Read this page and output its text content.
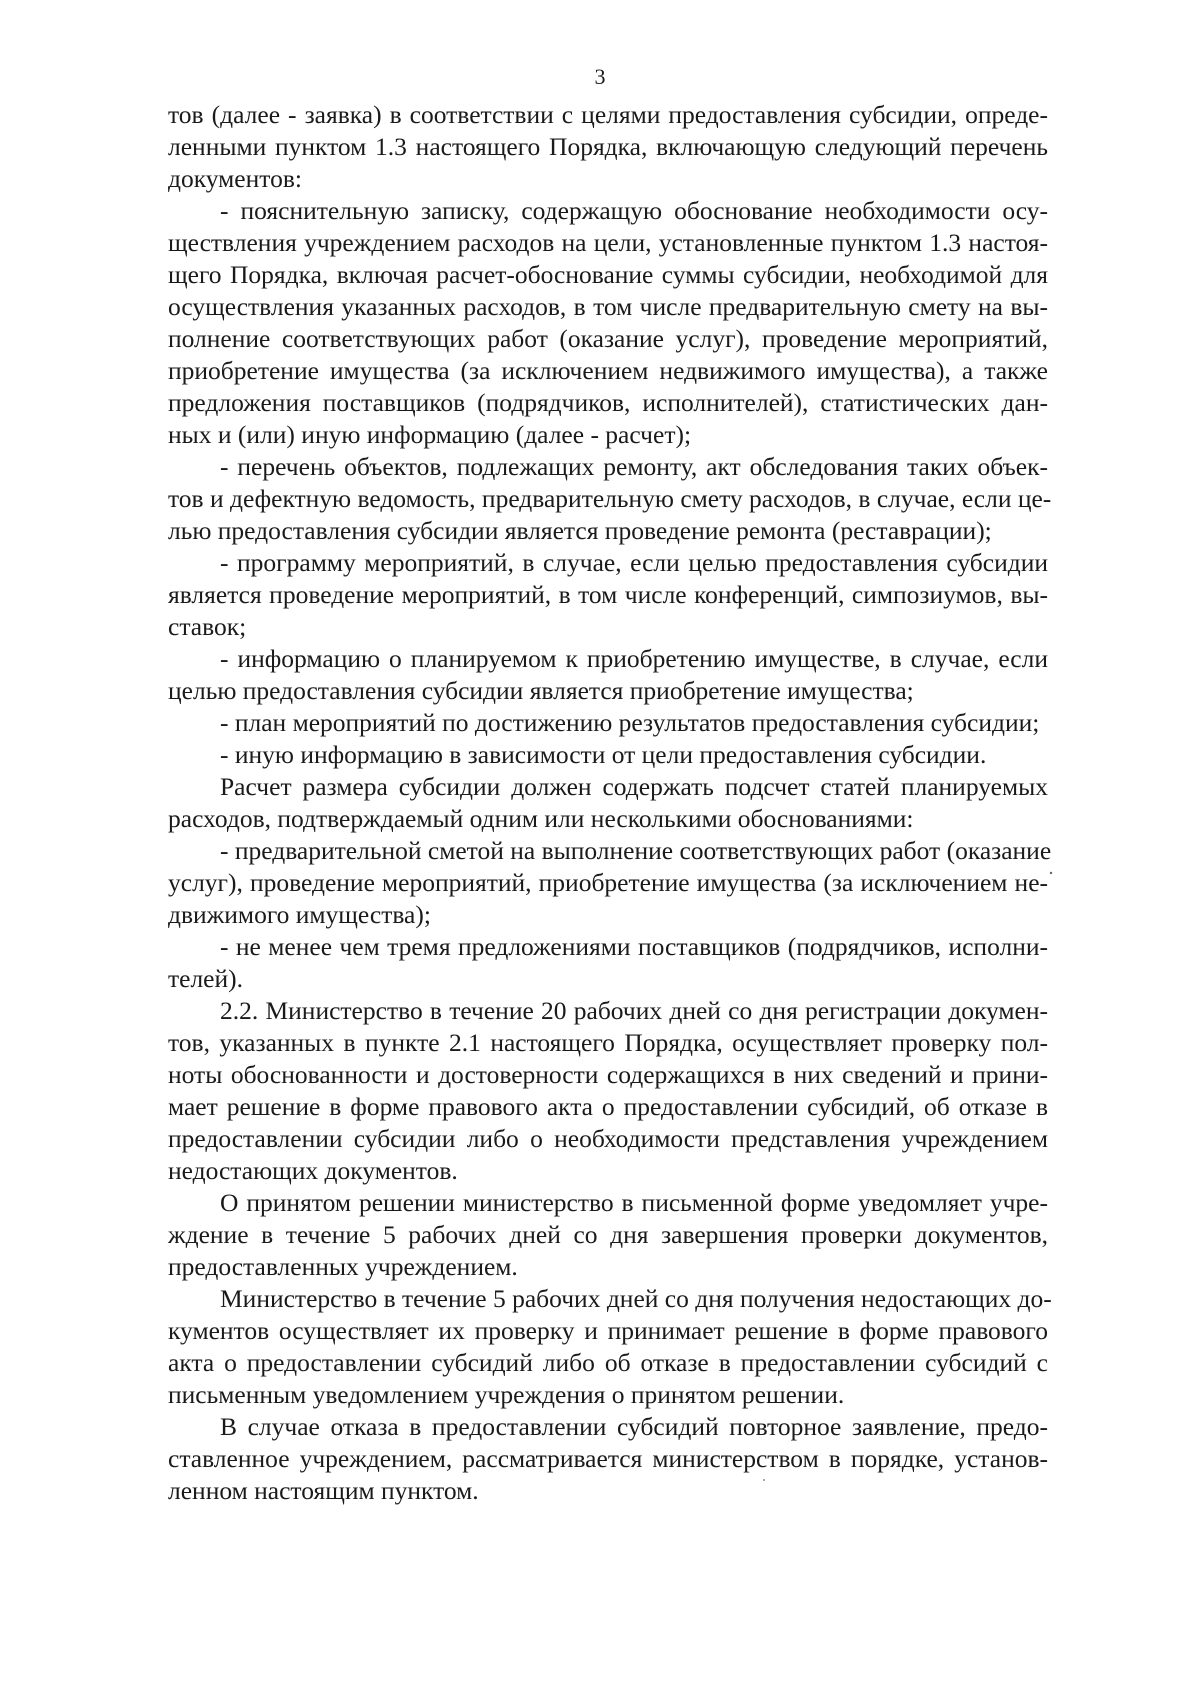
3
тов (далее - заявка) в соответствии с целями предоставления субсидии, опреде-
ленными пунктом 1.3 настоящего Порядка, включающую следующий перечень
документов:
- пояснительную записку, содержащую обоснование необходимости осу-
ществления учреждением расходов на цели, установленные пунктом 1.3 настоя-
щего Порядка, включая расчет-обоснование суммы субсидии, необходимой для
осуществления указанных расходов, в том числе предварительную смету на вы-
полнение соответствующих работ (оказание услуг), проведение мероприятий,
приобретение имущества (за исключением недвижимого имущества), а также
предложения поставщиков (подрядчиков, исполнителей), статистических дан-
ных и (или) иную информацию (далее - расчет);
- перечень объектов, подлежащих ремонту, акт обследования таких объек-
тов и дефектную ведомость, предварительную смету расходов, в случае, если це-
лью предоставления субсидии является проведение ремонта (реставрации);
- программу мероприятий, в случае, если целью предоставления субсидии
является проведение мероприятий, в том числе конференций, симпозиумов, вы-
ставок;
- информацию о планируемом к приобретению имуществе, в случае, если
целью предоставления субсидии является приобретение имущества;
- план мероприятий по достижению результатов предоставления субсидии;
- иную информацию в зависимости от цели предоставления субсидии.
Расчет размера субсидии должен содержать подсчет статей планируемых
расходов, подтверждаемый одним или несколькими обоснованиями:
- предварительной сметой на выполнение соответствующих работ (оказание
услуг), проведение мероприятий, приобретение имущества (за исключением не-
движимого имущества);
- не менее чем тремя предложениями поставщиков (подрядчиков, исполни-
телей).
2.2. Министерство в течение 20 рабочих дней со дня регистрации докумен-
тов, указанных в пункте 2.1 настоящего Порядка, осуществляет проверку пол-
ноты обоснованности и достоверности содержащихся в них сведений и прини-
мает решение в форме правового акта о предоставлении субсидий, об отказе в
предоставлении субсидии либо о необходимости представления учреждением
недостающих документов.
О принятом решении министерство в письменной форме уведомляет учре-
ждение в течение 5 рабочих дней со дня завершения проверки документов,
предоставленных учреждением.
Министерство в течение 5 рабочих дней со дня получения недостающих до-
кументов осуществляет их проверку и принимает решение в форме правового
акта о предоставлении субсидий либо об отказе в предоставлении субсидий с
письменным уведомлением учреждения о принятом решении.
В случае отказа в предоставлении субсидий повторное заявление, предо-
ставленное учреждением, рассматривается министерством в порядке, установ-
ленном настоящим пунктом.
